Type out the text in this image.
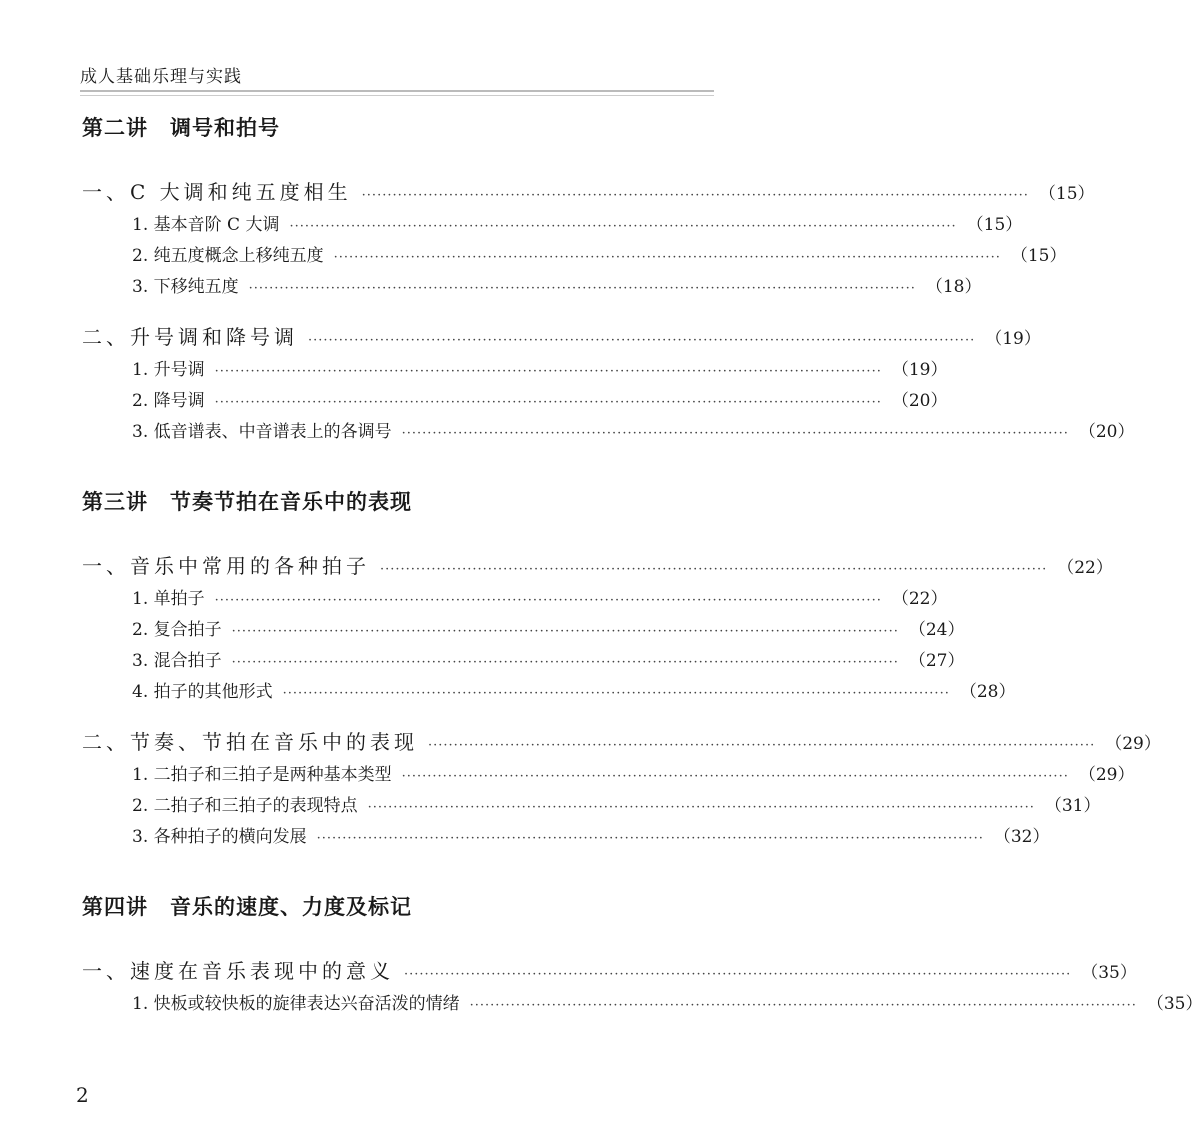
成人基础乐理与实践
第二讲 调号和拍号
一、C 大调和纯五度相生 ·································································································································· （15）
1. 基本音阶 C 大调 ·································································································································· （15）
2. 纯五度概念上移纯五度 ·································································································································· （15）
3. 下移纯五度 ·································································································································· （18）
二、升号调和降号调 ·································································································································· （19）
1. 升号调 ·································································································································· （19）
2. 降号调 ·································································································································· （20）
3. 低音谱表、中音谱表上的各调号 ·································································································································· （20）
第三讲 节奏节拍在音乐中的表现
一、音乐中常用的各种拍子 ·································································································································· （22）
1. 单拍子 ·································································································································· （22）
2. 复合拍子 ·································································································································· （24）
3. 混合拍子 ·································································································································· （27）
4. 拍子的其他形式 ·································································································································· （28）
二、节奏、节拍在音乐中的表现 ·································································································································· （29）
1. 二拍子和三拍子是两种基本类型 ·································································································································· （29）
2. 二拍子和三拍子的表现特点 ·································································································································· （31）
3. 各种拍子的横向发展 ·································································································································· （32）
第四讲 音乐的速度、力度及标记
一、速度在音乐表现中的意义 ·································································································································· （35）
1. 快板或较快板的旋律表达兴奋活泼的情绪 ·································································································································· （35）
2
